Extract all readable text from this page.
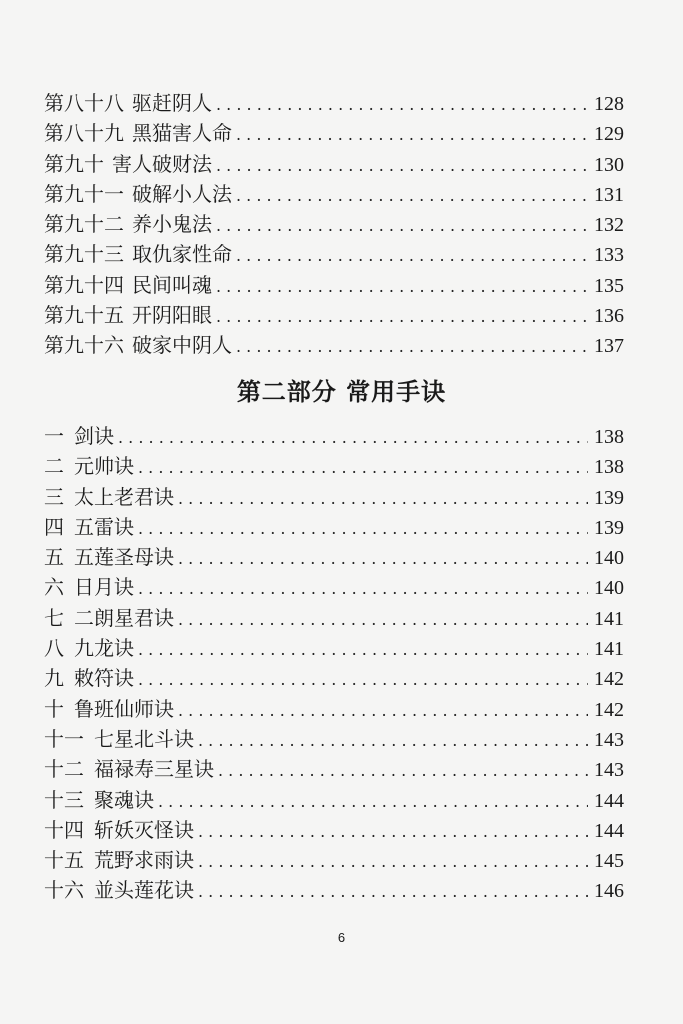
第八十八 驱赶阴人 . . .	128
第八十九 黑猫害人命 . . .	129
第九十 害人破财法 . . .	130
第九十一 破解小人法 . . .	131
第九十二 养小鬼法 . . .	132
第九十三 取仇家性命 . . .	133
第九十四 民间叫魂 . . .	135
第九十五 开阴阳眼 . . .	136
第九十六 破家中阴人 . . .	137
第二部分 常用手诀
一 剑诀 . . .	138
二 元帅诀 . . .	138
三 太上老君诀 . . .	139
四 五雷诀 . . .	139
五 五莲圣母诀 . . .	140
六 日月诀 . . .	140
七 二朗星君诀 . . .	141
八 九龙诀 . . .	141
九 敕符诀 . . .	142
十 鲁班仙师诀 . . .	142
十一 七星北斗诀 . . .	143
十二 福禄寿三星诀 . . .	143
十三 聚魂诀 . . .	144
十四 斩妖灭怪诀 . . .	144
十五 荒野求雨诀 . . .	145
十六 並头莲花诀 . . .	146
6
